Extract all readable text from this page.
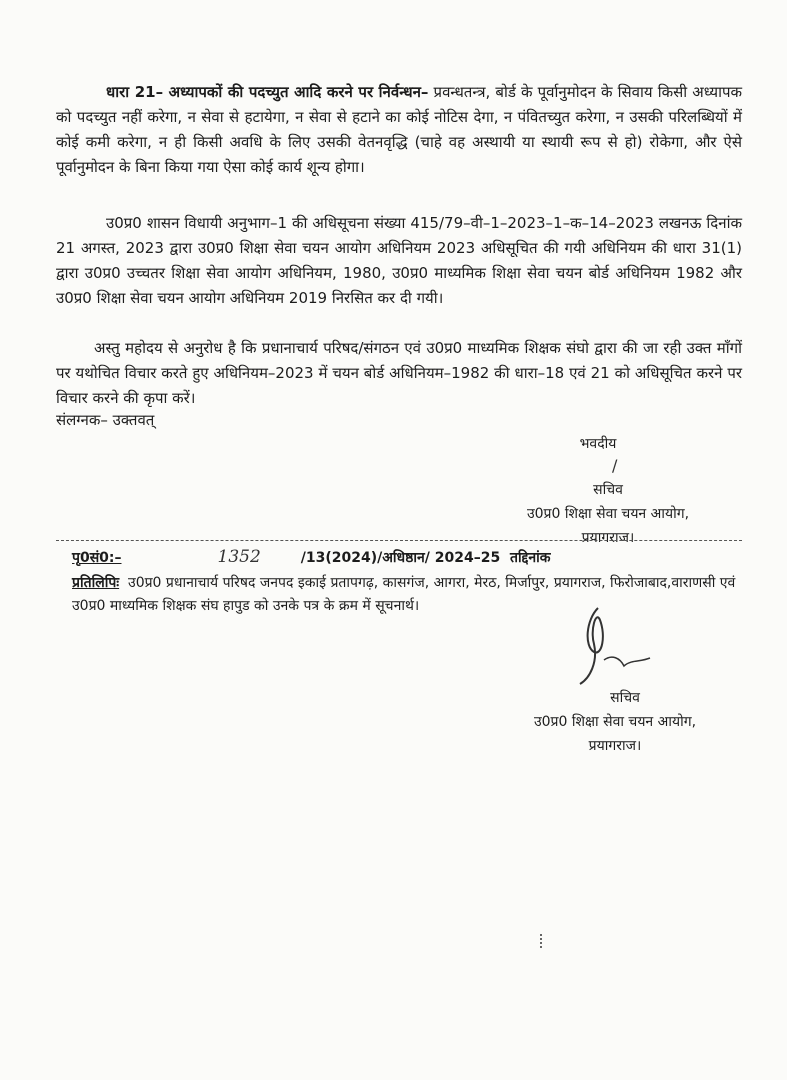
धारा 21– अध्यापकों की पदच्युत आदि करने पर निर्वन्धन– प्रवन्धतन्त्र, बोर्ड के पूर्वानुमोदन के सिवाय किसी अध्यापक को पदच्युत नहीं करेगा, न सेवा से हटायेगा, न सेवा से हटाने का कोई नोटिस देगा, न पंवितच्युत करेगा, न उसकी परिलब्धियों में कोई कमी करेगा, न ही किसी अवधि के लिए उसकी वेतनवृद्धि (चाहे वह अस्थायी या स्थायी रूप से हो) रोकेगा, और ऐसे पूर्वानुमोदन के बिना किया गया ऐसा कोई कार्य शून्य होगा।

उ0प्र0 शासन विधायी अनुभाग–1 की अधिसूचना संख्या 415/79–वी–1–2023–1–क–14–2023 लखनऊ दिनांक 21 अगस्त, 2023 द्वारा उ0प्र0 शिक्षा सेवा चयन आयोग अधिनियम 2023 अधिसूचित की गयी अधिनियम की धारा 31(1) द्वारा उ0प्र0 उच्चतर शिक्षा सेवा आयोग अधिनियम, 1980, उ0प्र0 माध्यमिक शिक्षा सेवा चयन बोर्ड अधिनियम 1982 और उ0प्र0 शिक्षा सेवा चयन आयोग अधिनियम 2019 निरसित कर दी गयी।

अस्तु महोदय से अनुरोध है कि प्रधानाचार्य परिषद/संगठन एवं उ0प्र0 माध्यमिक शिक्षक संघो द्वारा की जा रही उक्त माँगों पर यथोचित विचार करते हुए अधिनियम–2023 में चयन बोर्ड अधिनियम–1982 की धारा–18 एवं 21 को अधिसूचित करने पर विचार करने की कृपा करें।

संलग्नक– उक्तवत्
भवदीय
सचिव
उ0प्र0 शिक्षा सेवा चयन आयोग,
प्रयागराज।
/
पृ0सं0:–	1352	/13(2024)/अधिष्ठान/ 2024–25 तद्दिनांक
प्रतिलिपिः उ0प्र0 प्रधानाचार्य परिषद जनपद इकाई प्रतापगढ़, कासगंज, आगरा, मेरठ, मिर्जापुर, प्रयागराज, फिरोजाबाद,वाराणसी एवं उ0प्र0 माध्यमिक शिक्षक संघ हापुड को उनके पत्र के क्रम में सूचनार्थ।
सचिव
उ0प्र0 शिक्षा सेवा चयन आयोग,
प्रयागराज।
